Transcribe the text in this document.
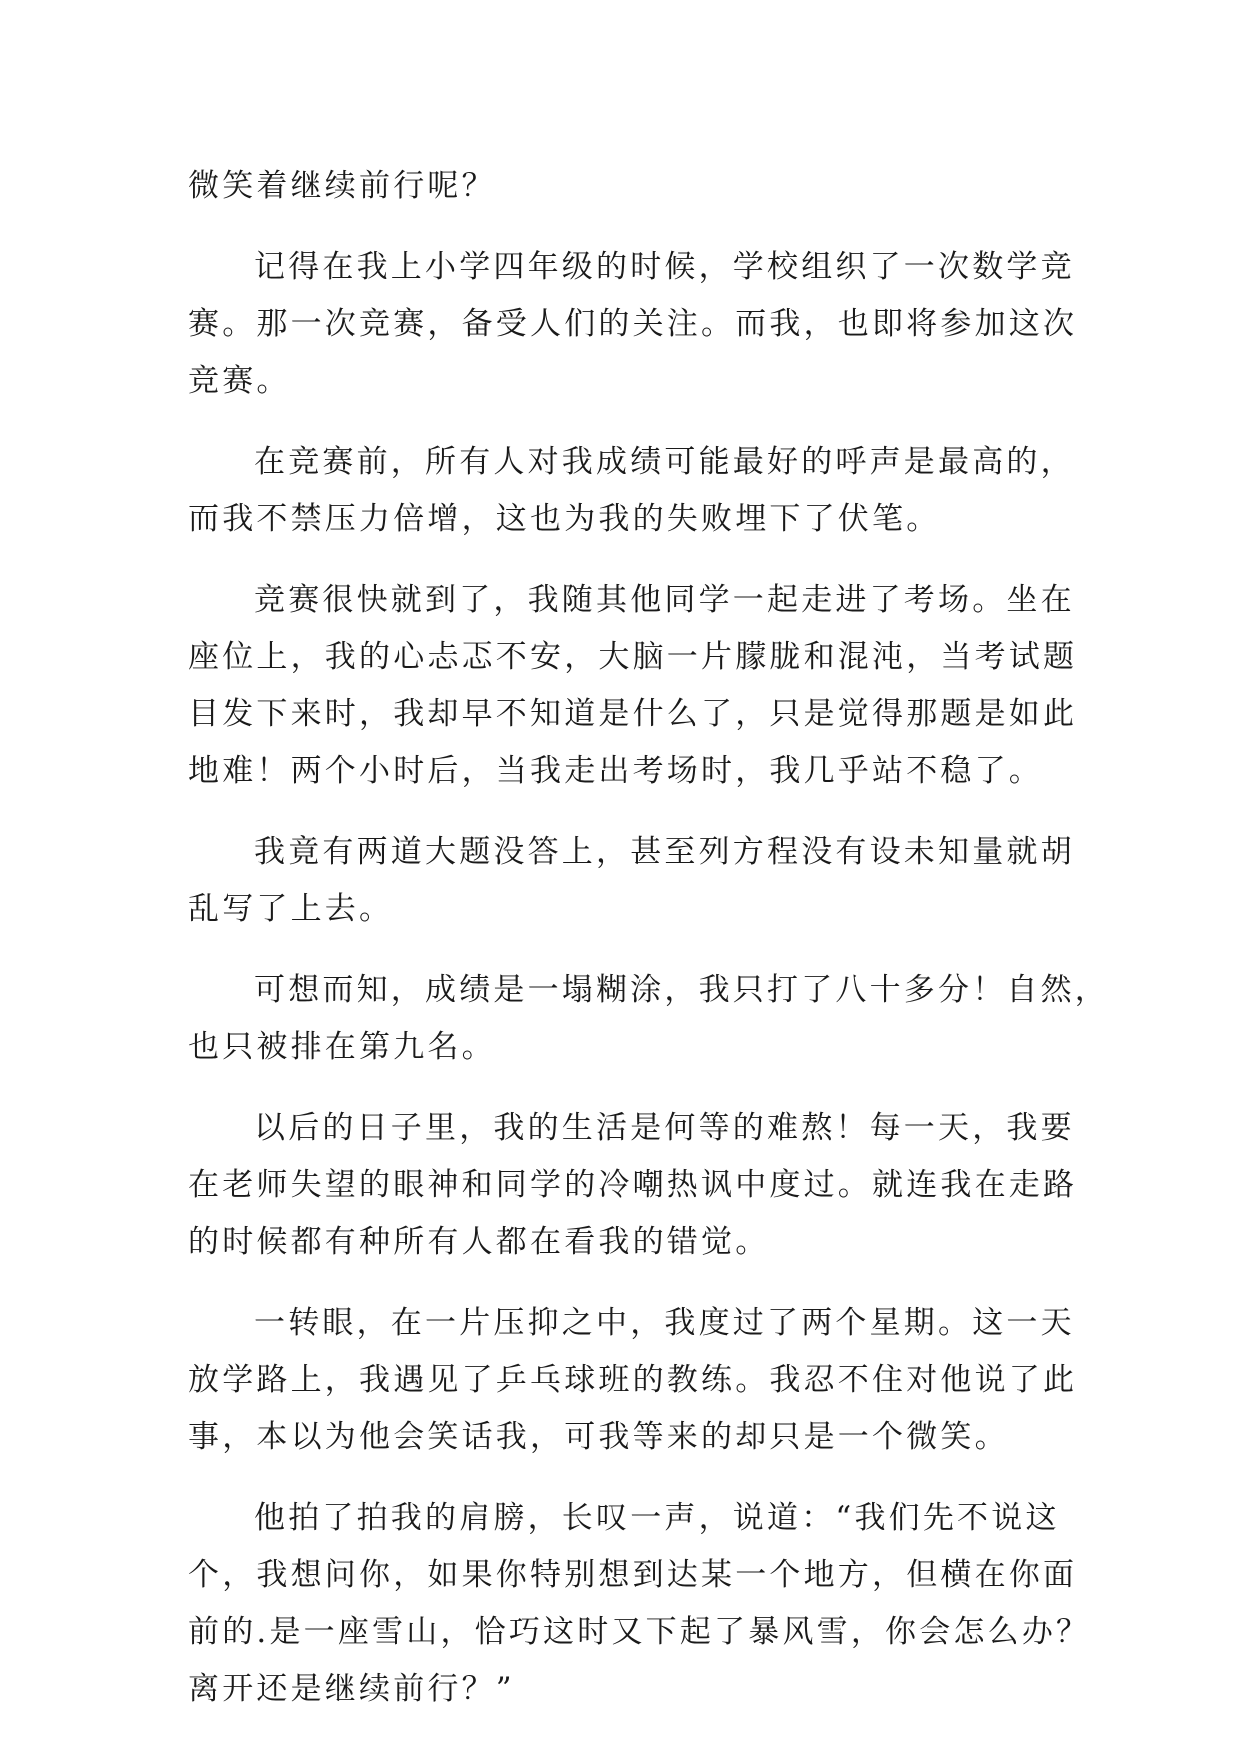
微笑着继续前行呢？
记得在我上小学四年级的时候，学校组织了一次数学竞
赛。那一次竞赛，备受人们的关注。而我，也即将参加这次
竞赛。
在竞赛前，所有人对我成绩可能最好的呼声是最高的，
而我不禁压力倍增，这也为我的失败埋下了伏笔。
竞赛很快就到了，我随其他同学一起走进了考场。坐在
座位上，我的心忐忑不安，大脑一片朦胧和混沌，当考试题
目发下来时，我却早不知道是什么了，只是觉得那题是如此
地难！两个小时后，当我走出考场时，我几乎站不稳了。
我竟有两道大题没答上，甚至列方程没有设未知量就胡
乱写了上去。
可想而知，成绩是一塌糊涂，我只打了八十多分！自然，
也只被排在第九名。
以后的日子里，我的生活是何等的难熬！每一天，我要
在老师失望的眼神和同学的冷嘲热讽中度过。就连我在走路
的时候都有种所有人都在看我的错觉。
一转眼，在一片压抑之中，我度过了两个星期。这一天
放学路上，我遇见了乒乓球班的教练。我忍不住对他说了此
事，本以为他会笑话我，可我等来的却只是一个微笑。
他拍了拍我的肩膀，长叹一声，说道：“我们先不说这
个，我想问你，如果你特别想到达某一个地方，但横在你面
前的.是一座雪山，恰巧这时又下起了暴风雪，你会怎么办？
离开还是继续前行？”
